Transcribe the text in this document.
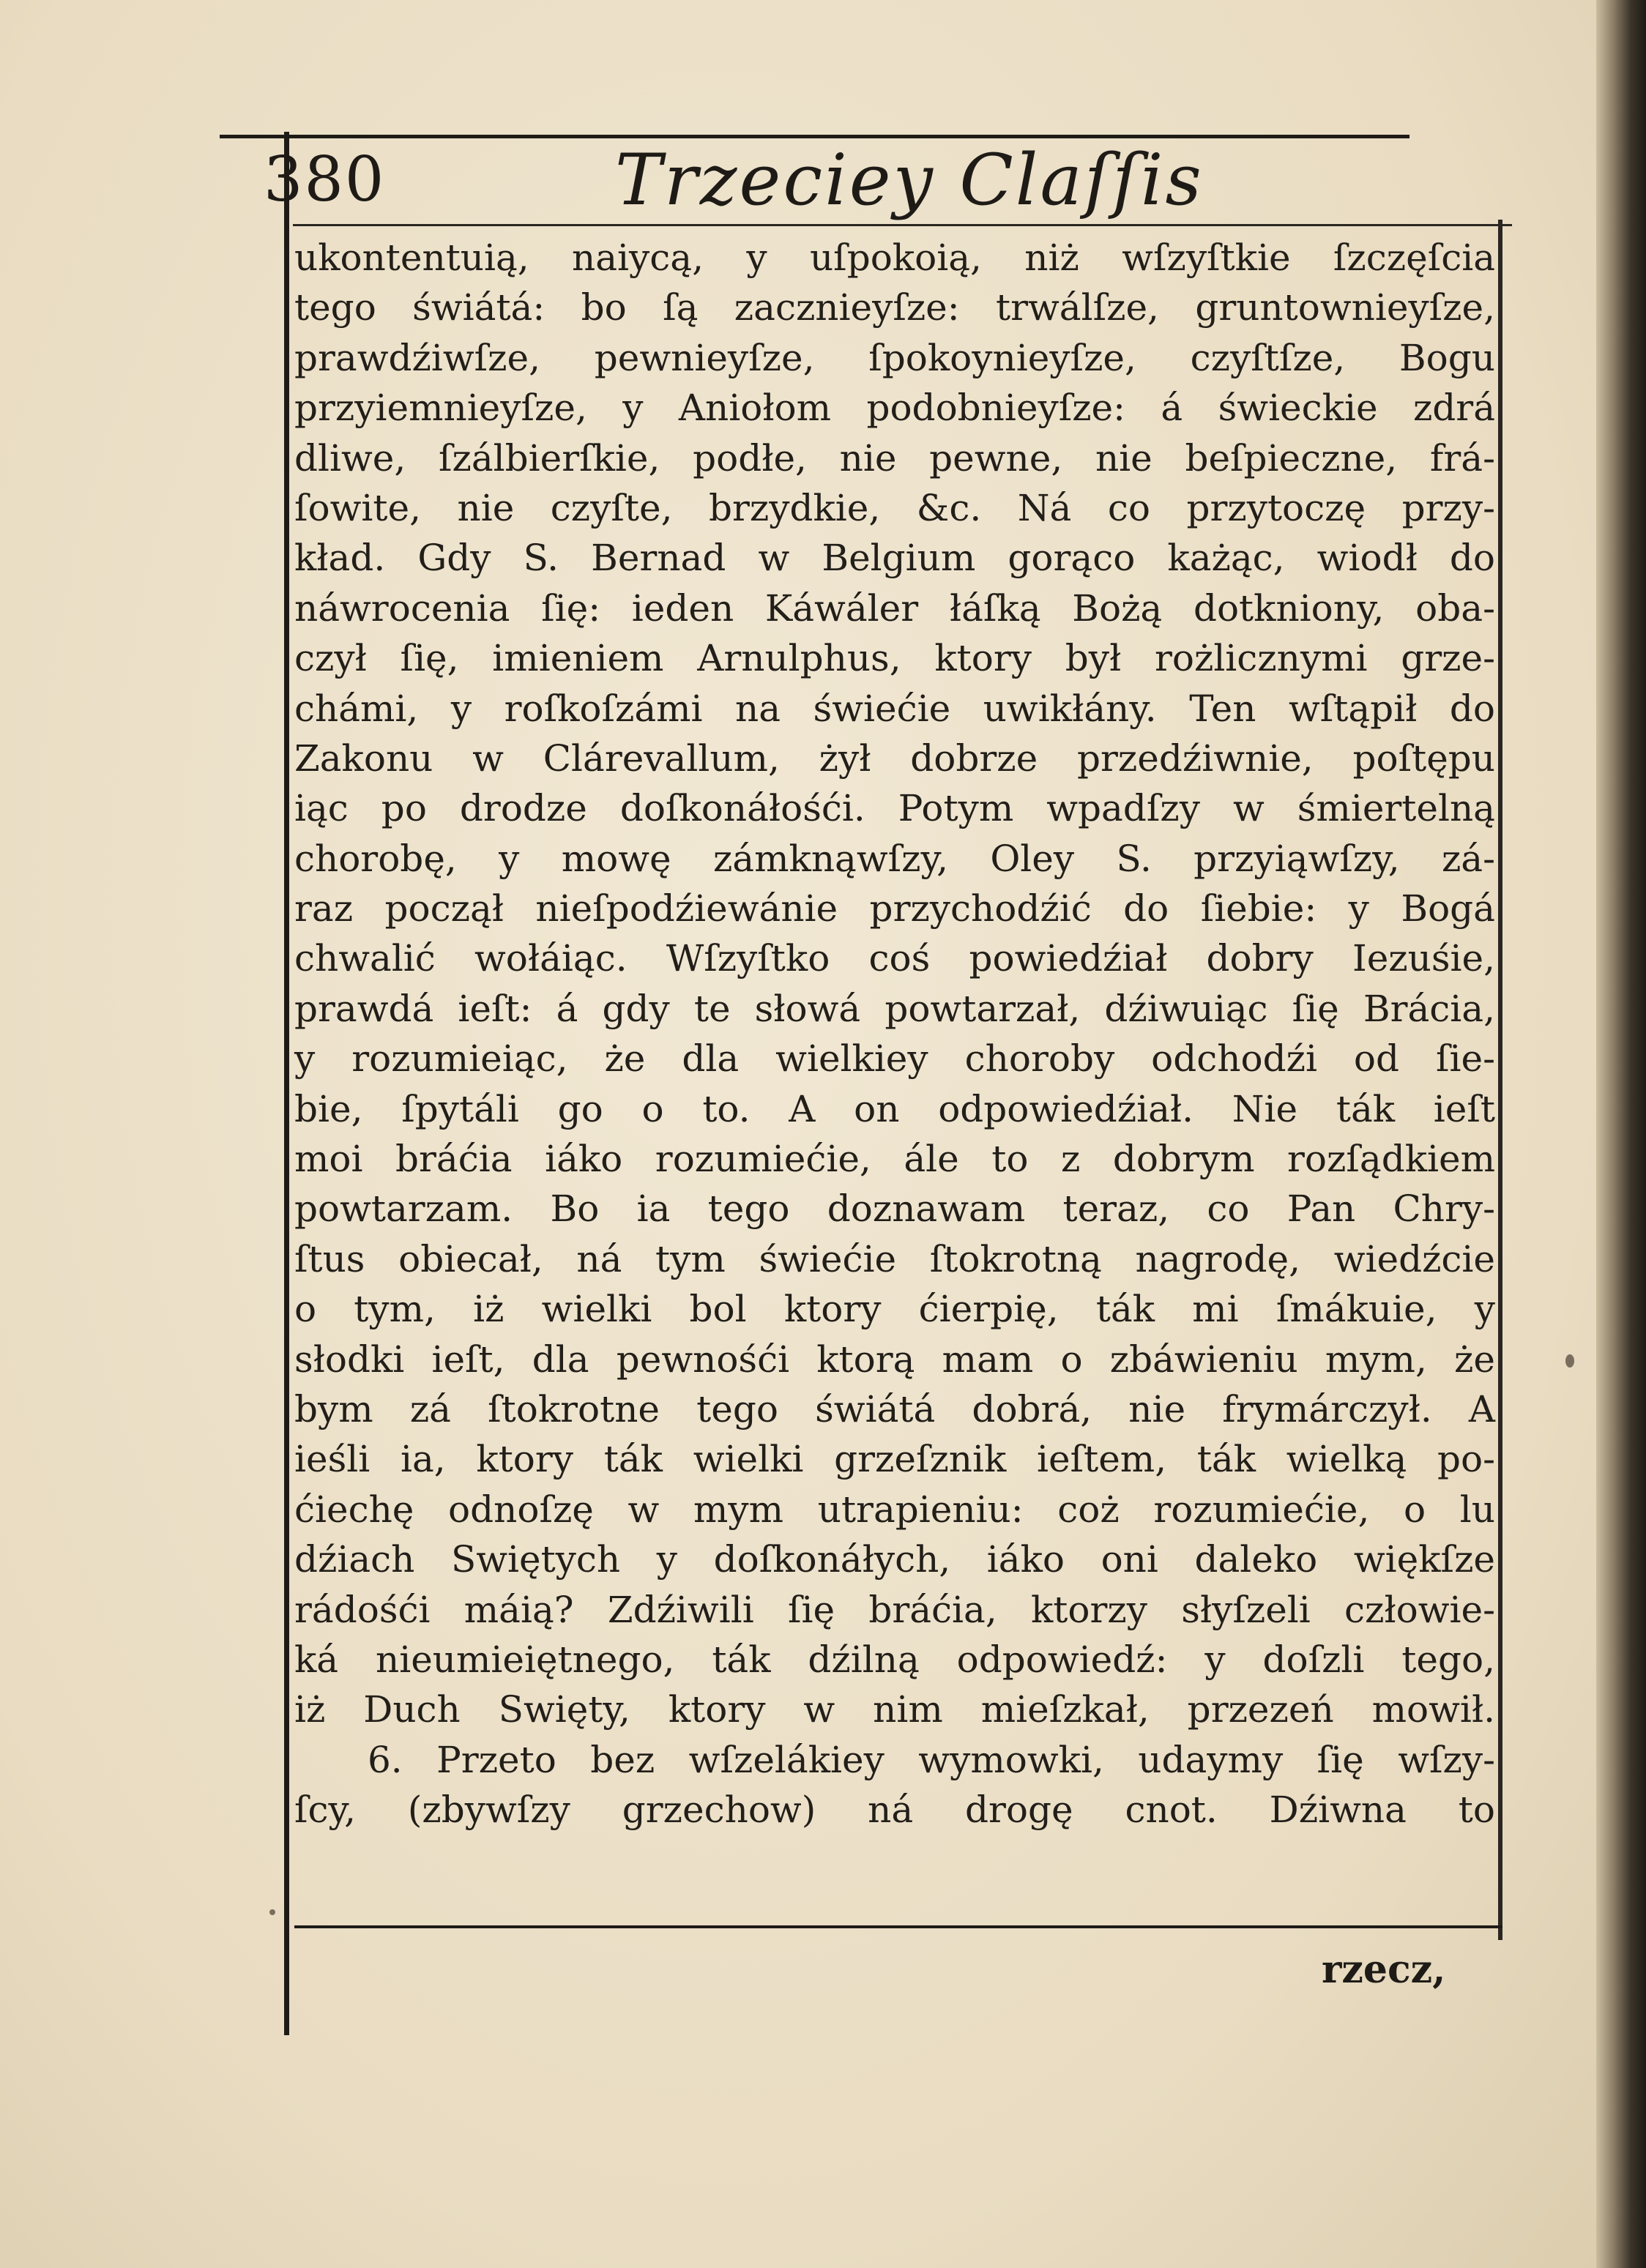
380	Trzeciey Claſſis
ukontentuią, naiycą, y uſpokoią, niż wſzyſtkie ſzczęſcia
tego świátá: bo ſą zacznieyſze: trwálſze, gruntownieyſze,
prawdźiwſze, pewnieyſze, ſpokoynieyſze, czyſtſze, Bogu
przyiemnieyſze, y Aniołom podobnieyſze: á świeckie zdrá
dliwe, ſzálbierſkie, podłe, nie pewne, nie beſpieczne, frá-
ſowite, nie czyſte, brzydkie, &c. Ná co przytoczę przy-
kład. Gdy S. Bernad w Belgium gorąco każąc, wiodł do
náwrocenia ſię: ieden Káwáler łáſką Bożą dotkniony, oba-
czył ſię, imieniem Arnulphus, ktory był rożlicznymi grze-
chámi, y roſkoſzámi na świećie uwikłány. Ten wſtąpił do
Zakonu w Clárevallum, żył dobrze przedźiwnie, poſtępu
iąc po drodze doſkonáłośći. Potym wpadſzy w śmiertelną
chorobę, y mowę zámknąwſzy, Oley S. przyiąwſzy, zá-
raz począł nieſpodźiewánie przychodźić do ſiebie: y Bogá
chwalić wołáiąc. Wſzyſtko coś powiedźiał dobry Iezuśie,
prawdá ieſt: á gdy te słowá powtarzał, dźiwuiąc ſię Brácia,
y rozumieiąc, że dla wielkiey choroby odchodźi od ſie-
bie, ſpytáli go o to. A on odpowiedźiał. Nie ták ieſt
moi bráćia iáko rozumiećie, ále to z dobrym rozſądkiem
powtarzam. Bo ia tego doznawam teraz, co Pan Chry-
ſtus obiecał, ná tym świećie ſtokrotną nagrodę, wiedźcie
o tym, iż wielki bol ktory ćierpię, ták mi ſmákuie, y
słodki ieſt, dla pewnośći ktorą mam o zbáwieniu mym, że
bym zá ſtokrotne tego świátá dobrá, nie frymárczył. A
ieśli ia, ktory ták wielki grzeſznik ieſtem, ták wielką po-
ćiechę odnoſzę w mym utrapieniu: coż rozumiećie, o lu
dźiach Swiętych y doſkonáłych, iáko oni daleko więkſze
rádośći máią? Zdźiwili ſię bráćia, ktorzy słyſzeli człowie-
ká nieumieiętnego, ták dźilną odpowiedź: y doſzli tego,
iż Duch Swięty, ktory w nim mieſzkał, przezeń mowił.
6. Przeto bez wſzelákiey wymowki, udaymy ſię wſzy-
ſcy, (zbywſzy grzechow) ná drogę cnot. Dźiwna to
rzecz,
